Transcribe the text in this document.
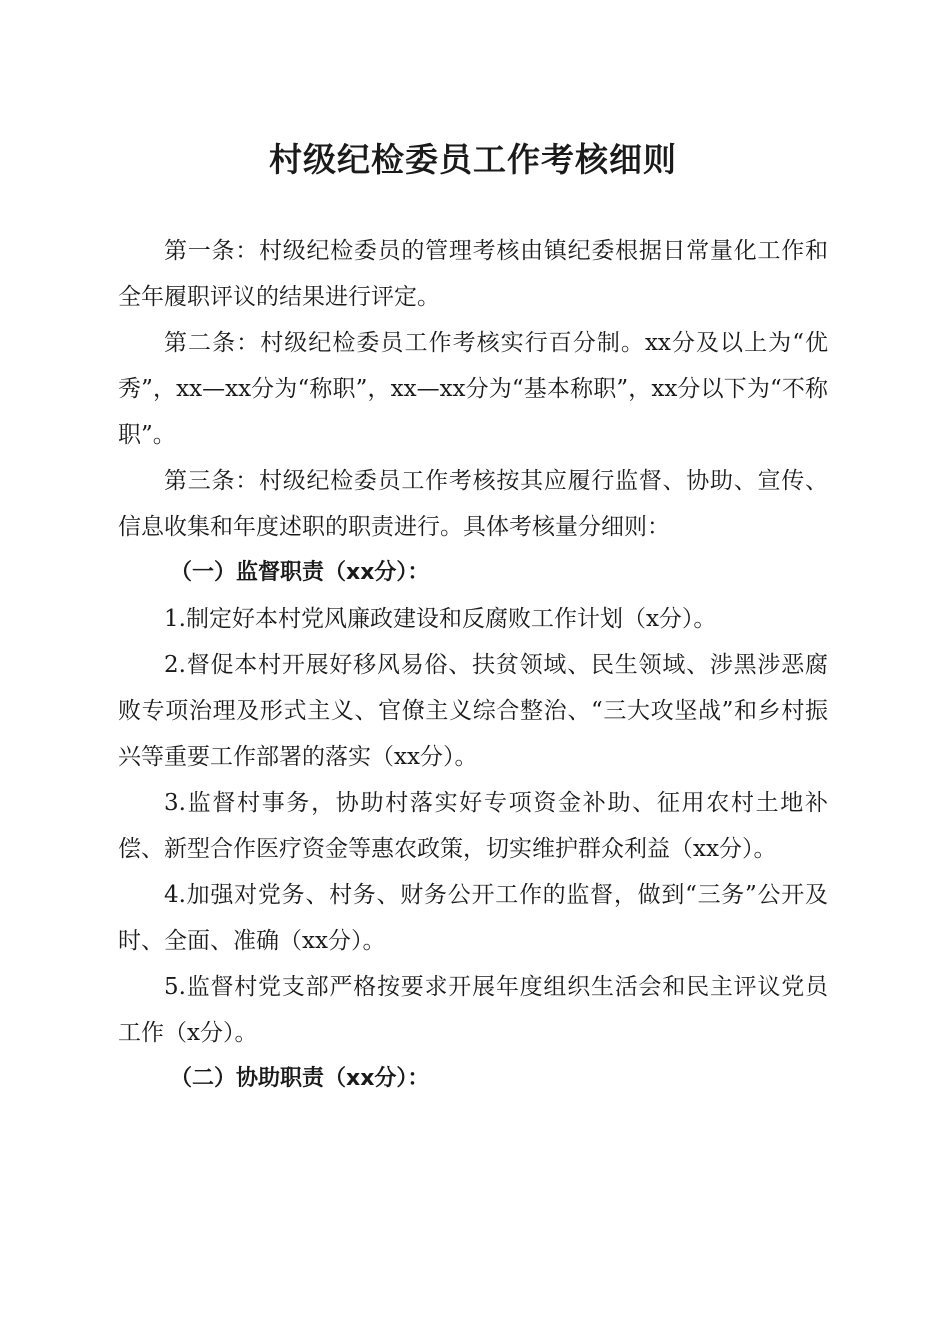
村级纪检委员工作考核细则

第一条：村级纪检委员的管理考核由镇纪委根据日常量化工作和全年履职评议的结果进行评定。

第二条：村级纪检委员工作考核实行百分制。xx分及以上为“优秀”，xx—xx分为“称职”，xx—xx分为“基本称职”，xx分以下为“不称职”。

第三条：村级纪检委员工作考核按其应履行监督、协助、宣传、信息收集和年度述职的职责进行。具体考核量分细则：

（一）监督职责（xx分）：

1.制定好本村党风廉政建设和反腐败工作计划（x分）。

2.督促本村开展好移风易俗、扶贫领域、民生领域、涉黑涉恶腐败专项治理及形式主义、官僚主义综合整治、“三大攻坚战”和乡村振兴等重要工作部署的落实（xx分）。

3.监督村事务，协助村落实好专项资金补助、征用农村土地补偿、新型合作医疗资金等惠农政策，切实维护群众利益（xx分）。

4.加强对党务、村务、财务公开工作的监督，做到“三务”公开及时、全面、准确（xx分）。

5.监督村党支部严格按要求开展年度组织生活会和民主评议党员工作（x分）。

（二）协助职责（xx分）：
